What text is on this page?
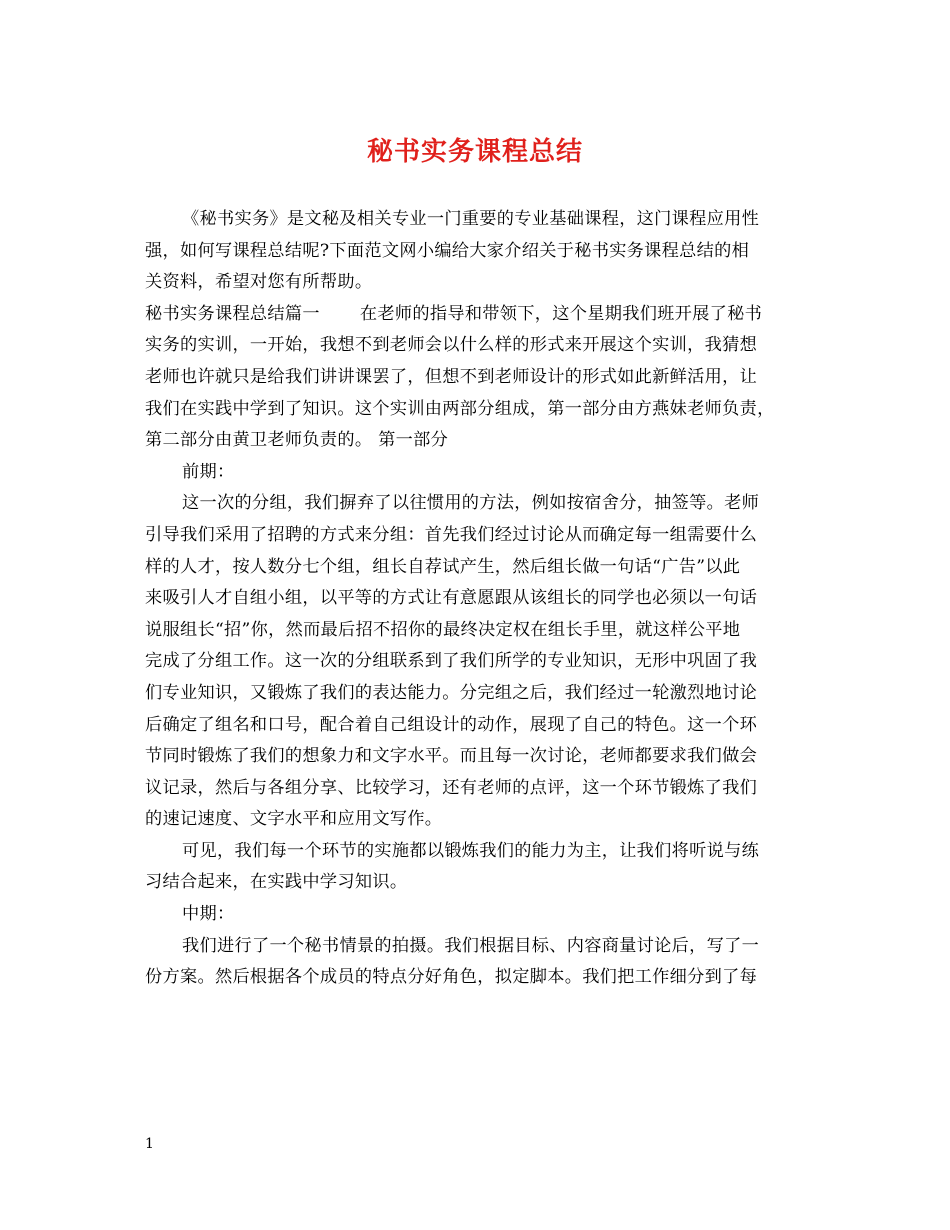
秘书实务课程总结
《秘书实务》是文秘及相关专业一门重要的专业基础课程，这门课程应用性
强，如何写课程总结呢?下面范文网小编给大家介绍关于秘书实务课程总结的相
关资料，希望对您有所帮助。
秘书实务课程总结篇一 在老师的指导和带领下，这个星期我们班开展了秘书
实务的实训，一开始，我想不到老师会以什么样的形式来开展这个实训，我猜想
老师也许就只是给我们讲讲课罢了，但想不到老师设计的形式如此新鲜活用，让
我们在实践中学到了知识。这个实训由两部分组成，第一部分由方燕妹老师负责，
第二部分由黄卫老师负责的。 第一部分
前期：
这一次的分组，我们摒弃了以往惯用的方法，例如按宿舍分，抽签等。老师
引导我们采用了招聘的方式来分组：首先我们经过讨论从而确定每一组需要什么
样的人才，按人数分七个组，组长自荐试产生，然后组长做一句话“广告”以此
来吸引人才自组小组，以平等的方式让有意愿跟从该组长的同学也必须以一句话
说服组长“招”你，然而最后招不招你的最终决定权在组长手里，就这样公平地
完成了分组工作。这一次的分组联系到了我们所学的专业知识，无形中巩固了我
们专业知识，又锻炼了我们的表达能力。分完组之后，我们经过一轮激烈地讨论
后确定了组名和口号，配合着自己组设计的动作，展现了自己的特色。这一个环
节同时锻炼了我们的想象力和文字水平。而且每一次讨论，老师都要求我们做会
议记录，然后与各组分享、比较学习，还有老师的点评，这一个环节锻炼了我们
的速记速度、文字水平和应用文写作。
可见，我们每一个环节的实施都以锻炼我们的能力为主，让我们将听说与练
习结合起来，在实践中学习知识。
中期：
我们进行了一个秘书情景的拍摄。我们根据目标、内容商量讨论后，写了一
份方案。然后根据各个成员的特点分好角色，拟定脚本。我们把工作细分到了每
1
